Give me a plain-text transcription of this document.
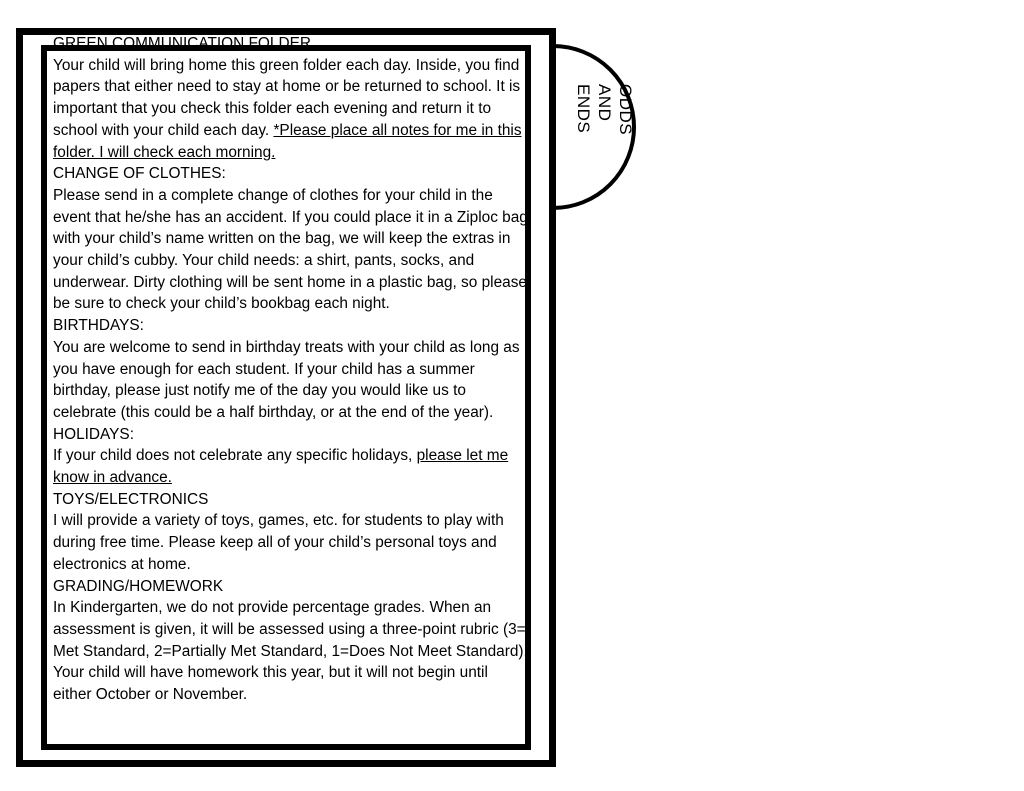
ODDS AND ENDS

GREEN COMMUNICATION FOLDER

Your child will bring home this green folder each day. Inside, you find papers that either need to stay at home or be returned to school. It is important that you check this folder each evening and return it to school with your child each day. *Please place all notes for me in this folder. I will check each morning.

CHANGE OF CLOTHES:

Please send in a complete change of clothes for your child in the event that he/she has an accident. If you could place it in a Ziploc bag with your child’s name written on the bag, we will keep the extras in your child’s cubby. Your child needs: a shirt, pants, socks, and underwear. Dirty clothing will be sent home in a plastic bag, so please be sure to check your child’s bookbag each night.

BIRTHDAYS:

You are welcome to send in birthday treats with your child as long as you have enough for each student. If your child has a summer birthday, please just notify me of the day you would like us to celebrate (this could be a half birthday, or at the end of the year).

HOLIDAYS:

If your child does not celebrate any specific holidays, please let me know in advance.

TOYS/ELECTRONICS

I will provide a variety of toys, games, etc. for students to play with during free time. Please keep all of your child’s personal toys and electronics at home.

GRADING/HOMEWORK

In Kindergarten, we do not provide percentage grades. When an assessment is given, it will be assessed using a three-point rubric (3= Met Standard, 2=Partially Met Standard, 1=Does Not Meet Standard). Your child will have homework this year, but it will not begin until either October or November.
